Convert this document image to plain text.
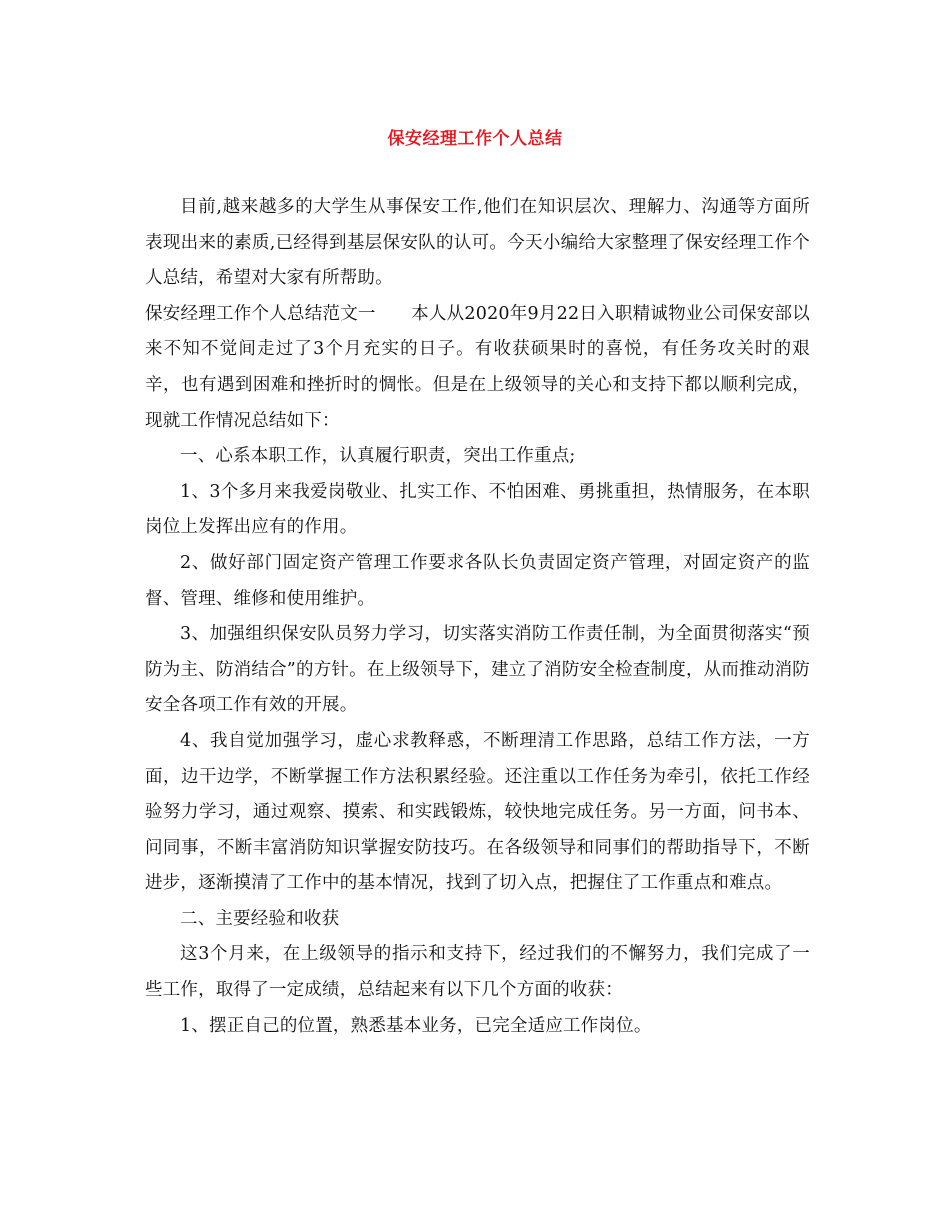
保安经理工作个人总结

目前,越来越多的大学生从事保安工作,他们在知识层次、理解力、沟通等方面所表现出来的素质,已经得到基层保安队的认可。今天小编给大家整理了保安经理工作个人总结，希望对大家有所帮助。

保安经理工作个人总结范文一　　本人从2020年9月22日入职精诚物业公司保安部以来不知不觉间走过了3个月充实的日子。有收获硕果时的喜悦，有任务攻关时的艰辛，也有遇到困难和挫折时的惆怅。但是在上级领导的关心和支持下都以顺利完成，现就工作情况总结如下：

一、心系本职工作，认真履行职责，突出工作重点;

1、3个多月来我爱岗敬业、扎实工作、不怕困难、勇挑重担，热情服务，在本职岗位上发挥出应有的作用。

2、做好部门固定资产管理工作要求各队长负责固定资产管理，对固定资产的监督、管理、维修和使用维护。

3、加强组织保安队员努力学习，切实落实消防工作责任制，为全面贯彻落实“预防为主、防消结合”的方针。在上级领导下，建立了消防安全检查制度，从而推动消防安全各项工作有效的开展。

4、我自觉加强学习，虚心求教释惑，不断理清工作思路，总结工作方法，一方面，边干边学，不断掌握工作方法积累经验。还注重以工作任务为牵引，依托工作经验努力学习，通过观察、摸索、和实践锻炼，较快地完成任务。另一方面，问书本、问同事，不断丰富消防知识掌握安防技巧。在各级领导和同事们的帮助指导下，不断进步，逐渐摸清了工作中的基本情况，找到了切入点，把握住了工作重点和难点。

二、主要经验和收获

这3个月来，在上级领导的指示和支持下，经过我们的不懈努力，我们完成了一些工作，取得了一定成绩，总结起来有以下几个方面的收获：

1、摆正自己的位置，熟悉基本业务，已完全适应工作岗位。
